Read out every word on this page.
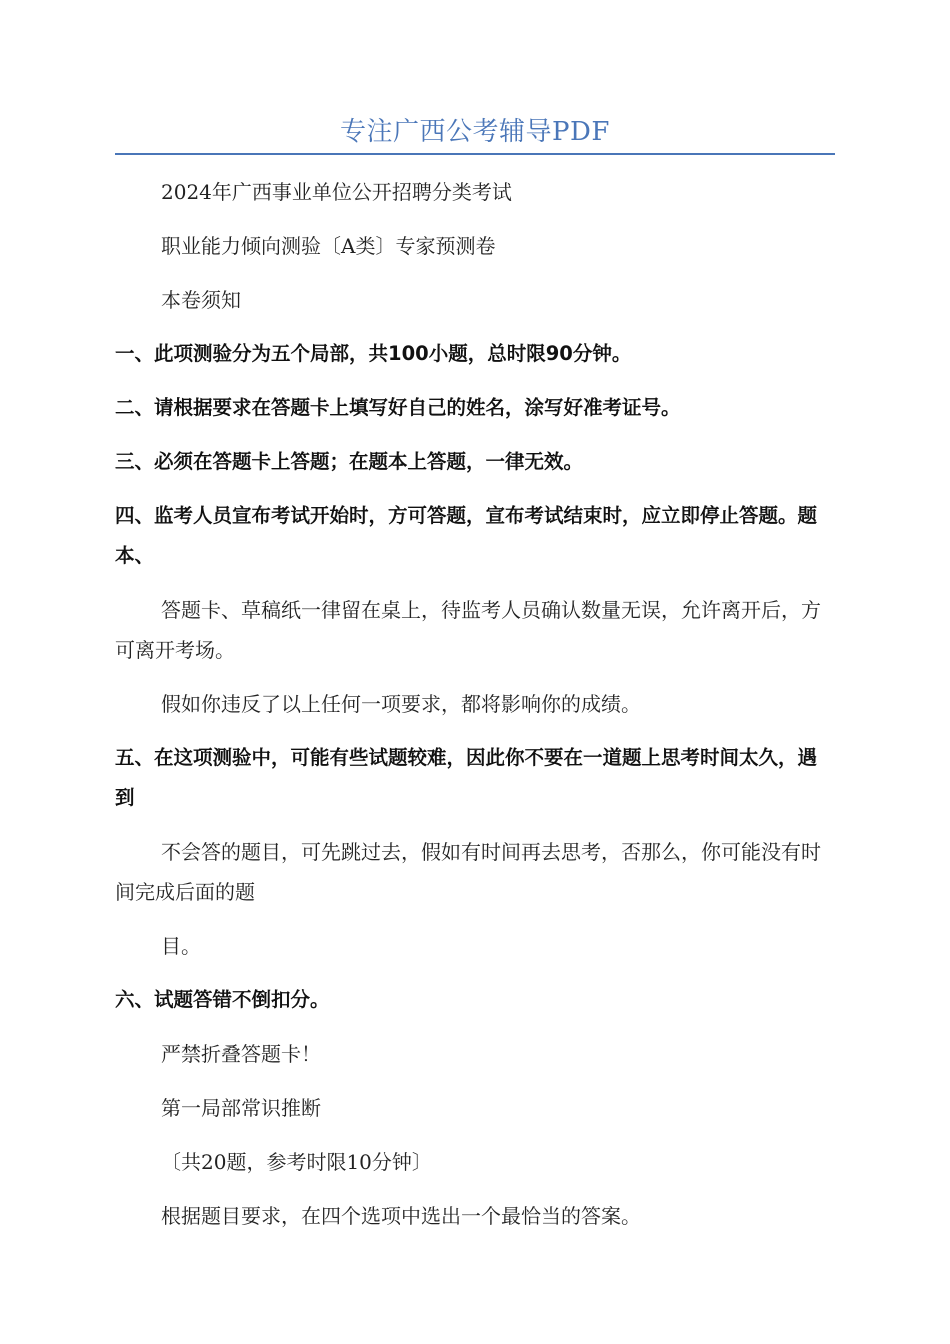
专注广西公考辅导PDF

2024年广西事业单位公开招聘分类考试

职业能力倾向测验〔A类〕专家预测卷

本卷须知

一、此项测验分为五个局部，共100小题，总时限90分钟。

二、请根据要求在答题卡上填写好自己的姓名，涂写好准考证号。

三、必须在答题卡上答题；在题本上答题，一律无效。

四、监考人员宣布考试开始时，方可答题，宣布考试结束时，应立即停止答题。题本、

答题卡、草稿纸一律留在桌上，待监考人员确认数量无误，允许离开后，方可离开考场。

假如你违反了以上任何一项要求，都将影响你的成绩。

五、在这项测验中，可能有些试题较难，因此你不要在一道题上思考时间太久，遇到

不会答的题目，可先跳过去，假如有时间再去思考，否那么，你可能没有时间完成后面的题

目。

六、试题答错不倒扣分。

严禁折叠答题卡！

第一局部常识推断

〔共20题，参考时限10分钟〕

根据题目要求，在四个选项中选出一个最恰当的答案。
